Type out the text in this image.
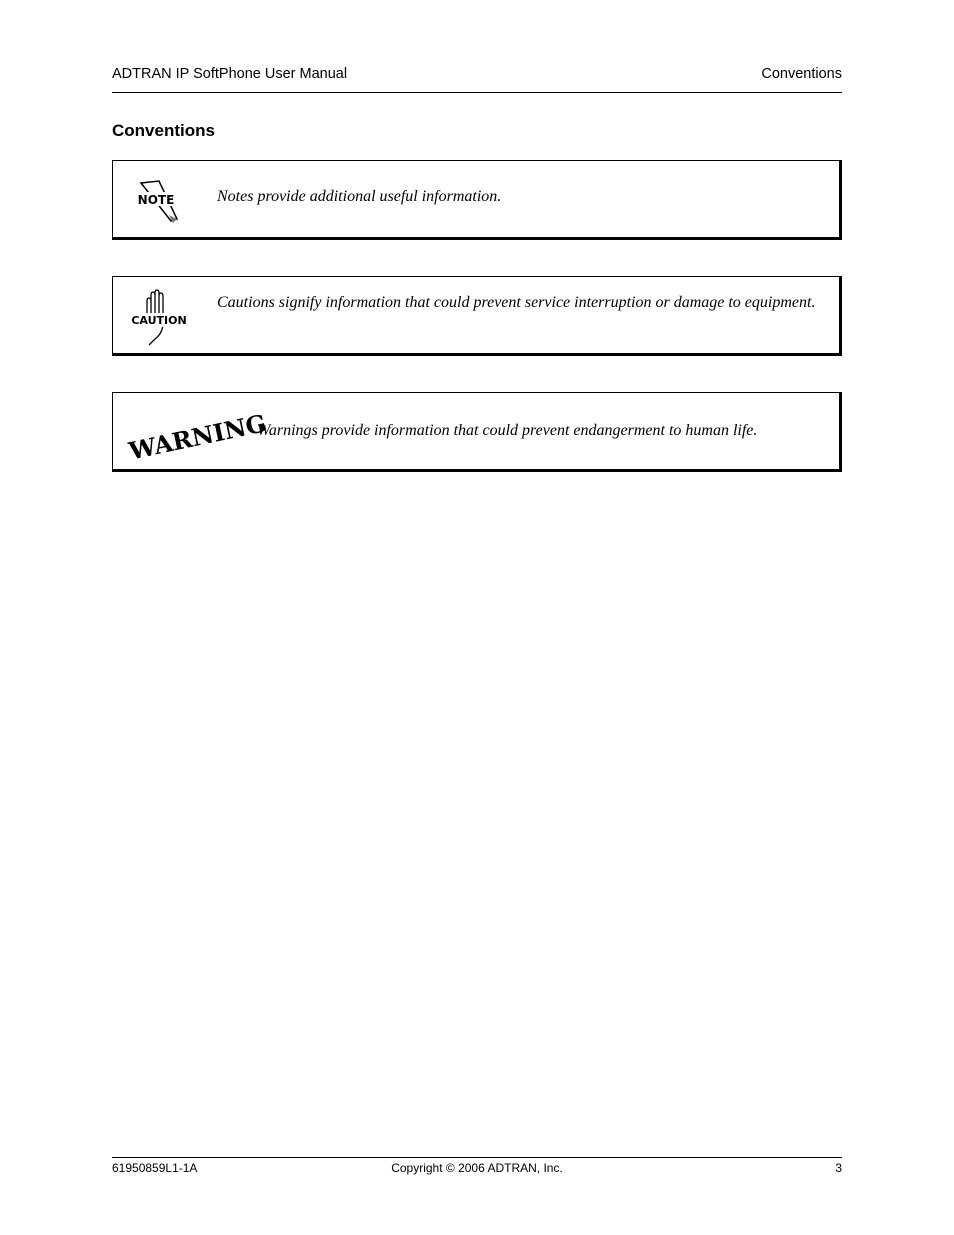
ADTRAN IP SoftPhone User Manual	Conventions
Conventions
NOTE	Notes provide additional useful information.
CAUTION
Cautions signify information that could prevent service interruption or damage to equipment.
WARNING
Warnings provide information that could prevent endangerment to human life.
61950859L1-1A	Copyright © 2006 ADTRAN, Inc.	3
